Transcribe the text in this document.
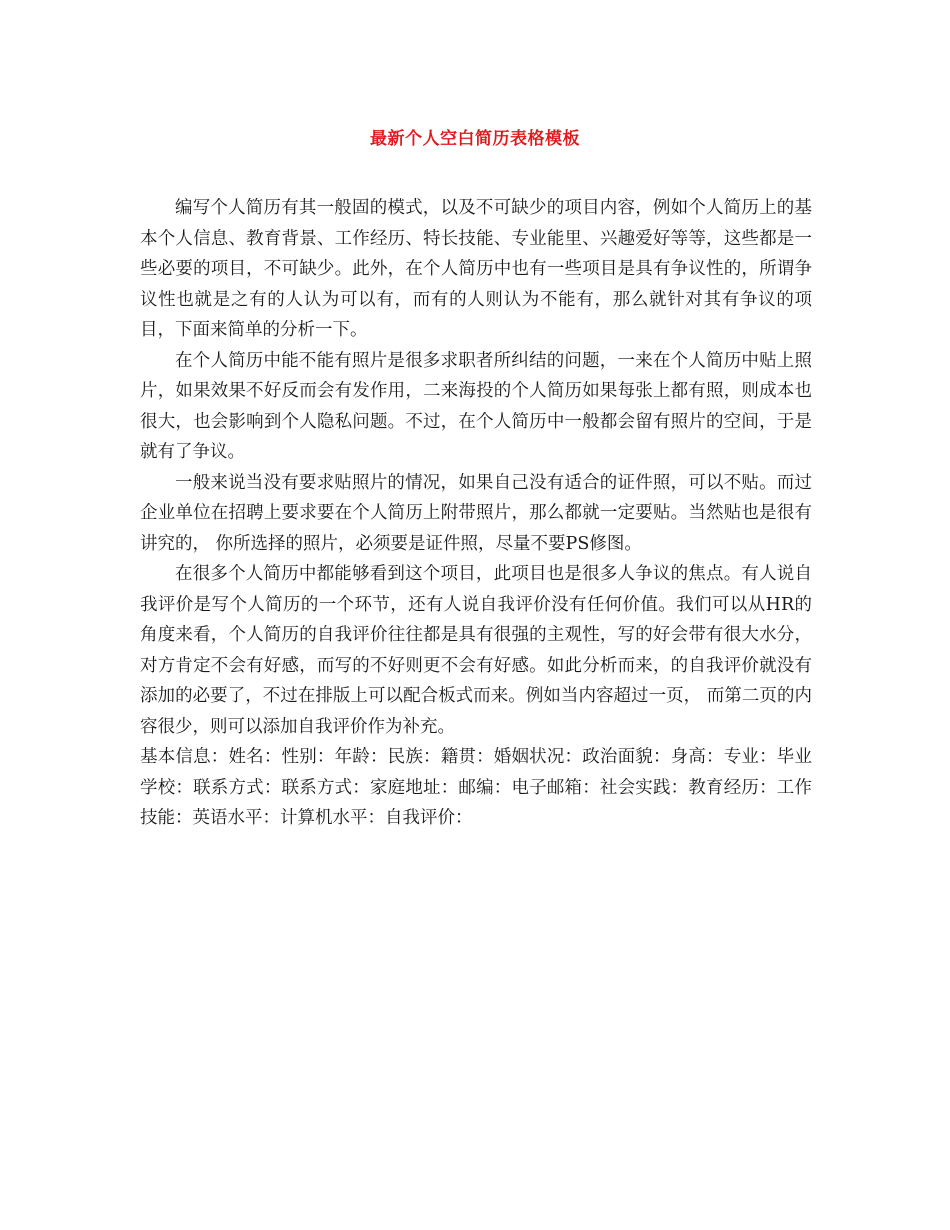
最新个人空白简历表格模板

编写个人简历有其一般固的模式，以及不可缺少的项目内容，例如个人简历上的基本个人信息、教育背景、工作经历、特长技能、专业能里、兴趣爱好等等，这些都是一些必要的项目，不可缺少。此外，在个人简历中也有一些项目是具有争议性的，所谓争议性也就是之有的人认为可以有，而有的人则认为不能有，那么就针对其有争议的项目，下面来简单的分析一下。

在个人简历中能不能有照片是很多求职者所纠结的问题，一来在个人简历中贴上照片，如果效果不好反而会有发作用，二来海投的个人简历如果每张上都有照，则成本也很大，也会影响到个人隐私问题。不过，在个人简历中一般都会留有照片的空间，于是就有了争议。

一般来说当没有要求贴照片的情况，如果自己没有适合的证件照，可以不贴。而过企业单位在招聘上要求要在个人简历上附带照片，那么都就一定要贴。当然贴也是很有讲究的， 你所选择的照片，必须要是证件照，尽量不要PS修图。

在很多个人简历中都能够看到这个项目，此项目也是很多人争议的焦点。有人说自我评价是写个人简历的一个环节，还有人说自我评价没有任何价值。我们可以从HR的角度来看，个人简历的自我评价往往都是具有很强的主观性，写的好会带有很大水分，对方肯定不会有好感，而写的不好则更不会有好感。如此分析而来，的自我评价就没有添加的必要了，不过在排版上可以配合板式而来。例如当内容超过一页， 而第二页的内容很少，则可以添加自我评价作为补充。

基本信息：姓名：性别：年龄：民族：籍贯：婚姻状况：政治面貌：身高：专业：毕业学校：联系方式：联系方式：家庭地址：邮编：电子邮箱：社会实践：教育经历：工作技能：英语水平：计算机水平：自我评价：
